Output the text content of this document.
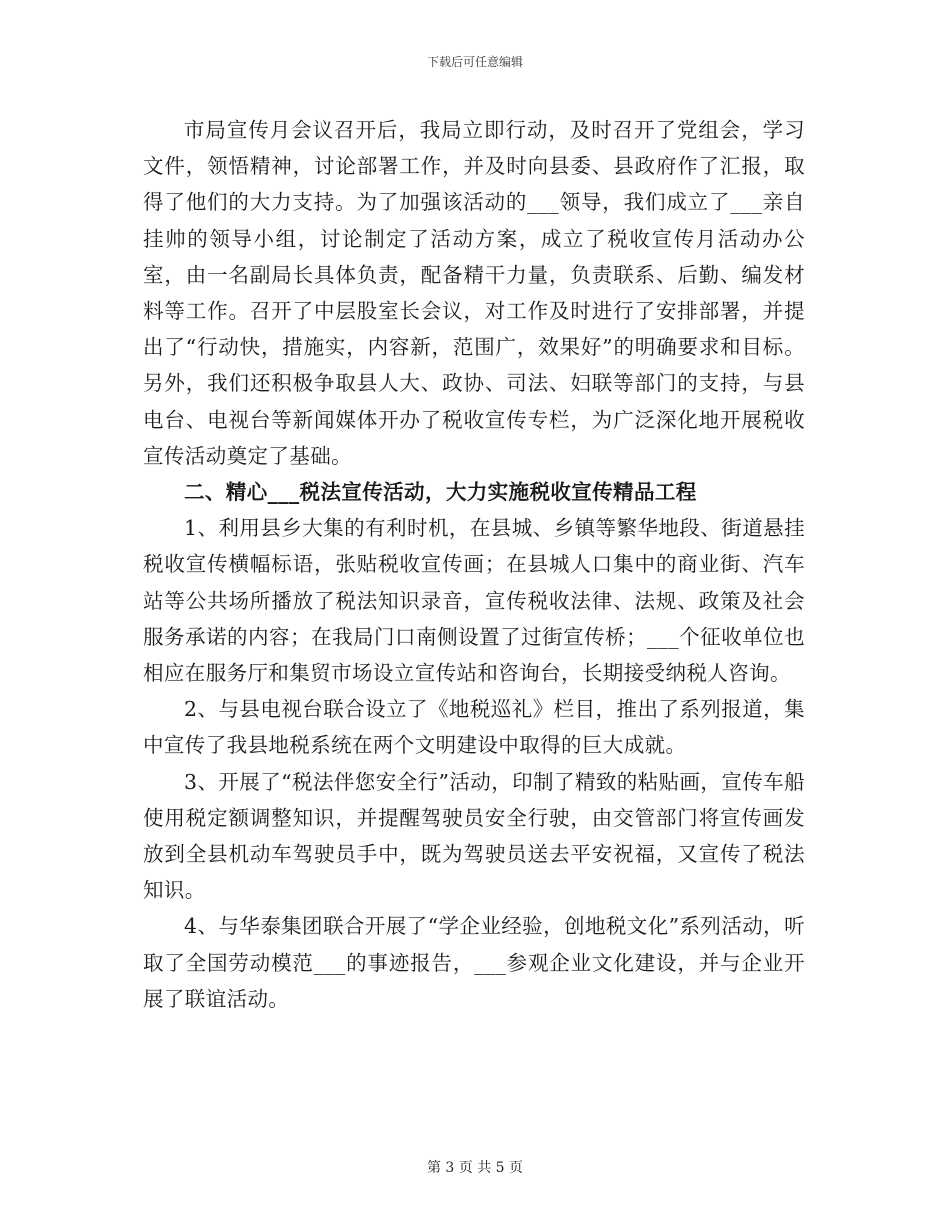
下载后可任意编辑

市局宣传月会议召开后，我局立即行动，及时召开了党组会，学习文件，领悟精神，讨论部署工作，并及时向县委、县政府作了汇报，取得了他们的大力支持。为了加强该活动的___领导，我们成立了___亲自挂帅的领导小组，讨论制定了活动方案，成立了税收宣传月活动办公室，由一名副局长具体负责，配备精干力量，负责联系、后勤、编发材料等工作。召开了中层股室长会议，对工作及时进行了安排部署，并提出了“行动快，措施实，内容新，范围广，效果好”的明确要求和目标。另外，我们还积极争取县人大、政协、司法、妇联等部门的支持，与县电台、电视台等新闻媒体开办了税收宣传专栏，为广泛深化地开展税收宣传活动奠定了基础。

二、精心___税法宣传活动，大力实施税收宣传精品工程

1、利用县乡大集的有利时机，在县城、乡镇等繁华地段、街道悬挂税收宣传横幅标语，张贴税收宣传画；在县城人口集中的商业街、汽车站等公共场所播放了税法知识录音，宣传税收法律、法规、政策及社会服务承诺的内容；在我局门口南侧设置了过街宣传桥；___个征收单位也相应在服务厅和集贸市场设立宣传站和咨询台，长期接受纳税人咨询。

2、与县电视台联合设立了《地税巡礼》栏目，推出了系列报道，集中宣传了我县地税系统在两个文明建设中取得的巨大成就。

3、开展了“税法伴您安全行”活动，印制了精致的粘贴画，宣传车船使用税定额调整知识，并提醒驾驶员安全行驶，由交管部门将宣传画发放到全县机动车驾驶员手中，既为驾驶员送去平安祝福，又宣传了税法知识。

4、与华泰集团联合开展了“学企业经验，创地税文化”系列活动，听取了全国劳动模范___的事迹报告，___参观企业文化建设，并与企业开展了联谊活动。

第 3 页 共 5 页
